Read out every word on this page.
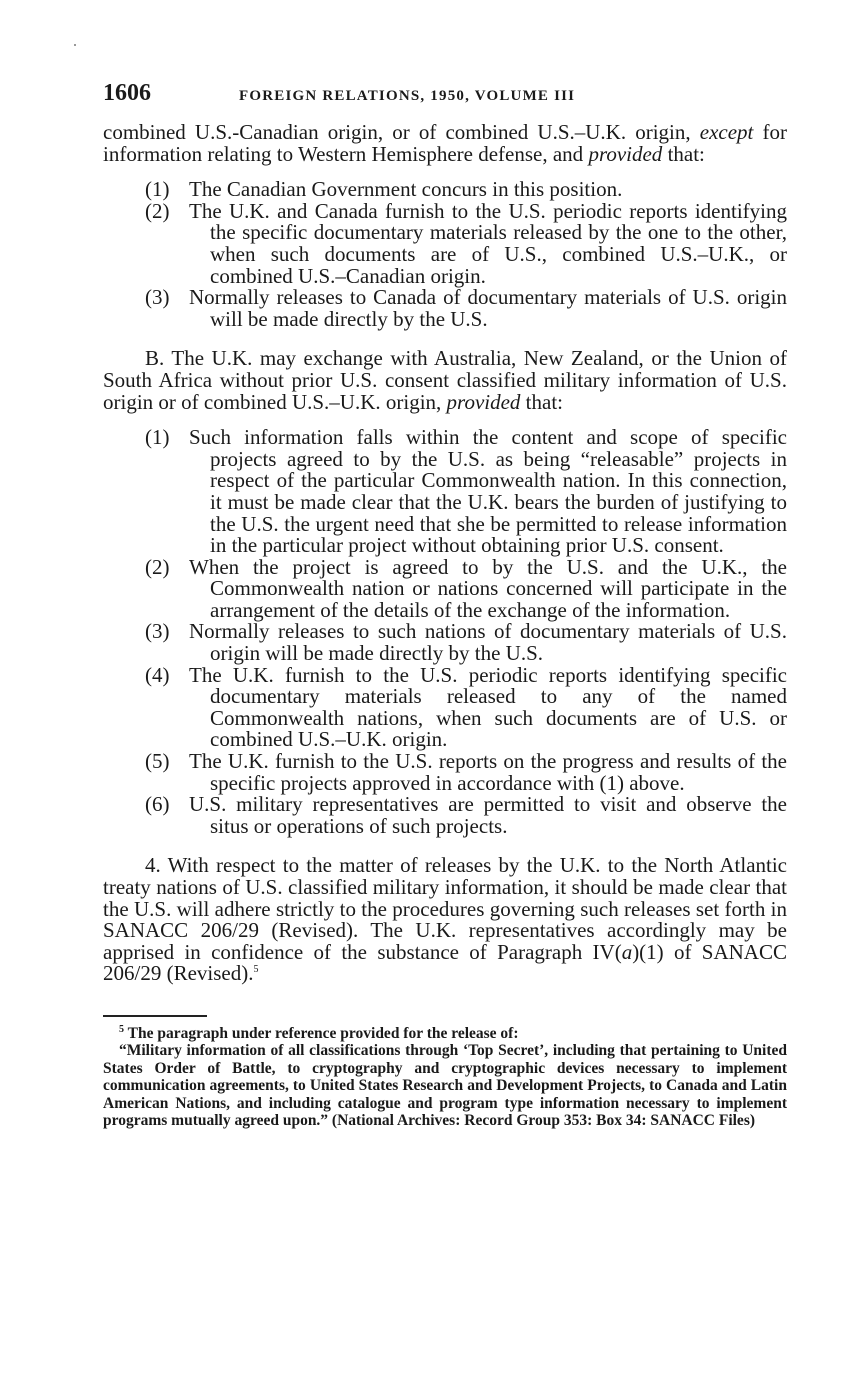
1606	FOREIGN RELATIONS, 1950, VOLUME III

combined U.S.-Canadian origin, or of combined U.S.–U.K. origin, except for information relating to Western Hemisphere defense, and provided that:

(1) The Canadian Government concurs in this position.
(2) The U.K. and Canada furnish to the U.S. periodic reports identifying the specific documentary materials released by the one to the other, when such documents are of U.S., combined U.S.–U.K., or combined U.S.–Canadian origin.
(3) Normally releases to Canada of documentary materials of U.S. origin will be made directly by the U.S.

B. The U.K. may exchange with Australia, New Zealand, or the Union of South Africa without prior U.S. consent classified military information of U.S. origin or of combined U.S.–U.K. origin, provided that:

(1) Such information falls within the content and scope of specific projects agreed to by the U.S. as being “releasable” projects in respect of the particular Commonwealth nation. In this connection, it must be made clear that the U.K. bears the burden of justifying to the U.S. the urgent need that she be permitted to release information in the particular project without obtaining prior U.S. consent.
(2) When the project is agreed to by the U.S. and the U.K., the Commonwealth nation or nations concerned will participate in the arrangement of the details of the exchange of the information.
(3) Normally releases to such nations of documentary materials of U.S. origin will be made directly by the U.S.
(4) The U.K. furnish to the U.S. periodic reports identifying specific documentary materials released to any of the named Commonwealth nations, when such documents are of U.S. or combined U.S.–U.K. origin.
(5) The U.K. furnish to the U.S. reports on the progress and results of the specific projects approved in accordance with (1) above.
(6) U.S. military representatives are permitted to visit and observe the situs or operations of such projects.

4. With respect to the matter of releases by the U.K. to the North Atlantic treaty nations of U.S. classified military information, it should be made clear that the U.S. will adhere strictly to the procedures governing such releases set forth in SANACC 206/29 (Revised). The U.K. representatives accordingly may be apprised in confidence of the substance of Paragraph IV(a)(1) of SANACC 206/29 (Revised).$^5$

$^5$ The paragraph under reference provided for the release of:

“Military information of all classifications through ‘Top Secret’, including that pertaining to United States Order of Battle, to cryptography and cryptographic devices necessary to implement communication agreements, to United States Research and Development Projects, to Canada and Latin American Nations, and including catalogue and program type information necessary to implement programs mutually agreed upon.” (National Archives: Record Group 353: Box 34: SANACC Files)
